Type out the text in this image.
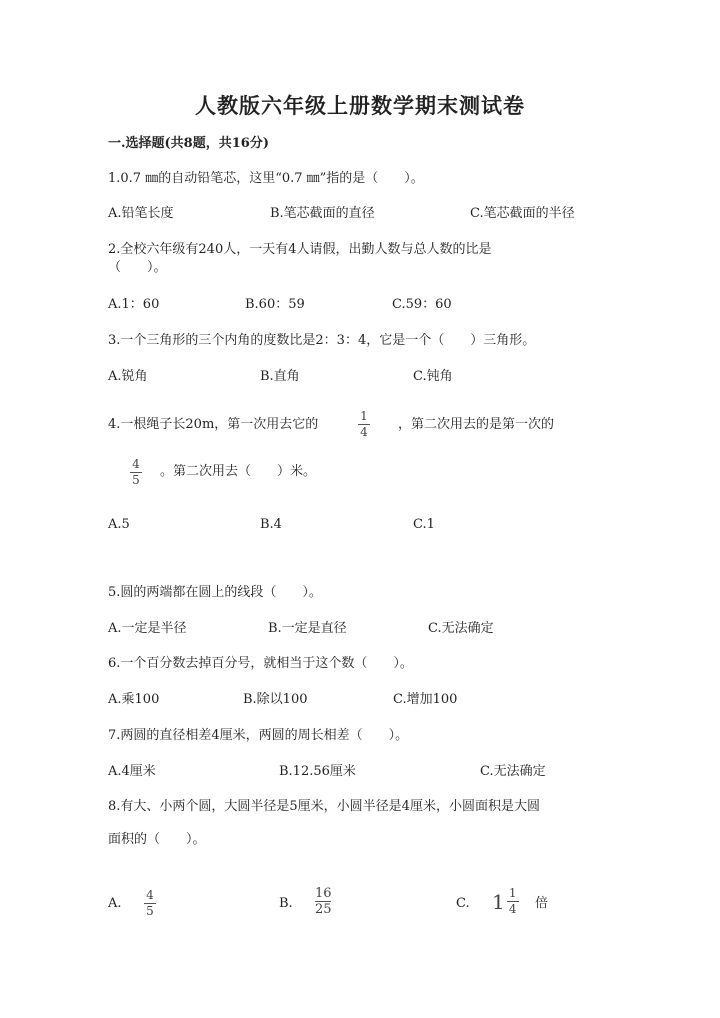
人教版六年级上册数学期末测试卷
一.选择题(共8题，共16分)
1.0.7 ㎜的自动铅笔芯，这里“0.7 ㎜”指的是（　　）。
A.铅笔长度	B.笔芯截面的直径	C.笔芯截面的半径
2.全校六年级有240人，一天有4人请假，出勤人数与总人数的比是
（　　）。
A.1：60	B.60：59	C.59：60
3.一个三角形的三个内角的度数比是2：3：4，它是一个（　　）三角形。
A.锐角	B.直角	C.钝角
4.一根绳子长20m，第一次用去它的
1
4 ，第二次用去的是第一次的
4
5
。第二次用去（　　）米。
A.5	B.4	C.1
5.圆的两端都在圆上的线段（　　）。
A.一定是半径	B.一定是直径	C.无法确定
6.一个百分数去掉百分号，就相当于这个数（　　）。
A.乘100	B.除以100	C.增加100
7.两圆的直径相差4厘米，两圆的周长相差（　　）。
A.4厘米	B.12.56厘米	C.无法确定
8.有大、小两个圆，大圆半径是5厘米，小圆半径是4厘米，小圆面积是大圆
面积的（　　）。
A.
4
5	B.
16
25	C. $1 \frac{1}{4}$ 倍
